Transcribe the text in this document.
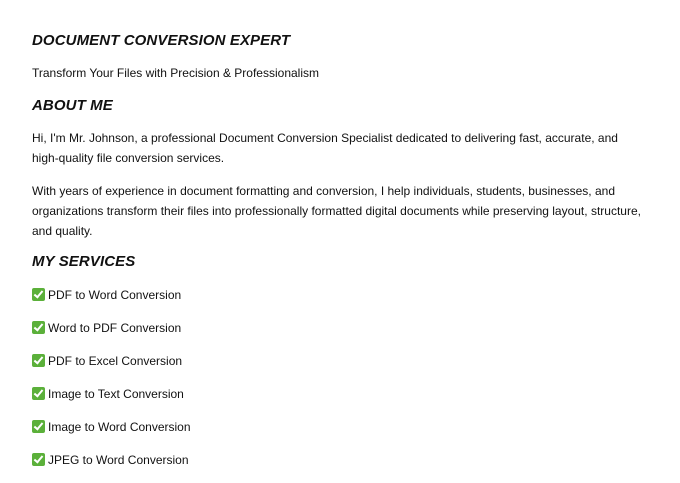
DOCUMENT CONVERSION EXPERT

Transform Your Files with Precision & Professionalism

ABOUT ME

Hi, I'm Mr. Johnson, a professional Document Conversion Specialist dedicated to delivering fast, accurate, and high-quality file conversion services.

With years of experience in document formatting and conversion, I help individuals, students, businesses, and organizations transform their files into professionally formatted digital documents while preserving layout, structure, and quality.

MY SERVICES
PDF to Word Conversion
Word to PDF Conversion
PDF to Excel Conversion
Image to Text Conversion
Image to Word Conversion
JPEG to Word Conversion
